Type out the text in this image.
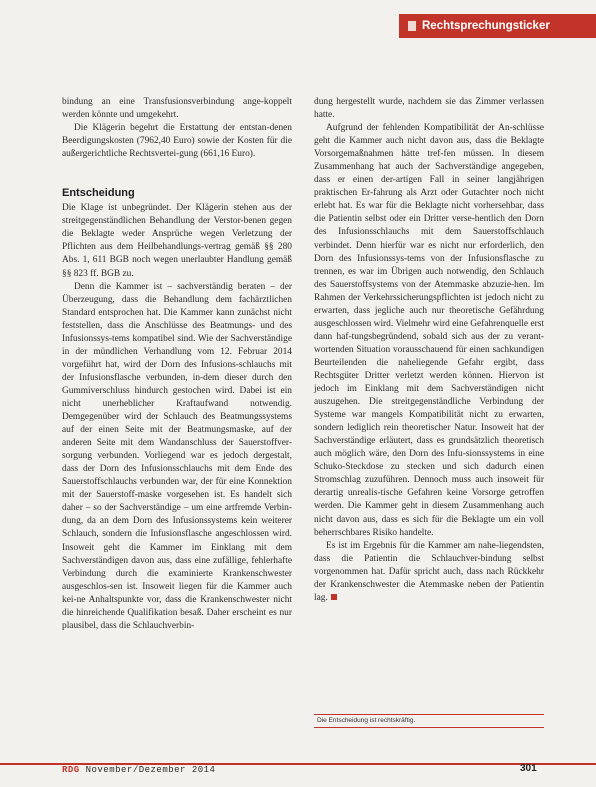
Rechtsprechungsticker

bindung an eine Transfusionsverbindung ange-koppelt werden könnte und umgekehrt.

Die Klägerin begehrt die Erstattung der entstan-denen Beerdigungskosten (7962,40 Euro) sowie der Kosten für die außergerichtliche Rechtsvertei-gung (661,16 Euro).

Entscheidung

Die Klage ist unbegründet. Der Klägerin stehen aus der streitgegenständlichen Behandlung der Verstor-benen gegen die Beklagte weder Ansprüche wegen Verletzung der Pflichten aus dem Heilbehandlungs-vertrag gemäß §§ 280 Abs. 1, 611 BGB noch wegen unerlaubter Handlung gemäß §§ 823 ff. BGB zu.

Denn die Kammer ist – sachverständig beraten – der Überzeugung, dass die Behandlung dem fachärztlichen Standard entsprochen hat. Die Kammer kann zunächst nicht feststellen, dass die Anschlüsse des Beatmungs- und des Infusionssys-tems kompatibel sind. Wie der Sachverständige in der mündlichen Verhandlung vom 12. Februar 2014 vorgeführt hat, wird der Dorn des Infusions-schlauchs mit der Infusionsflasche verbunden, in-dem dieser durch den Gummiverschluss hindurch gestochen wird. Dabei ist ein nicht unerheblicher Kraftaufwand notwendig. Demgegenüber wird der Schlauch des Beatmungssystems auf der einen Seite mit der Beatmungsmaske, auf der anderen Seite mit dem Wandanschluss der Sauerstoffver-sorgung verbunden. Vorliegend war es jedoch dergestalt, dass der Dorn des Infusionsschlauchs mit dem Ende des Sauerstoffschlauchs verbunden war, der für eine Konnektion mit der Sauerstoff-maske vorgesehen ist. Es handelt sich daher – so der Sachverständige – um eine artfremde Verbin-dung, da an dem Dorn des Infusionssystems kein weiterer Schlauch, sondern die Infusionsflasche angeschlossen wird. Insoweit geht die Kammer im Einklang mit dem Sachverständigen davon aus, dass eine zufällige, fehlerhafte Verbindung durch die examinierte Krankenschwester ausgeschlos-sen ist. Insoweit liegen für die Kammer auch kei-ne Anhaltspunkte vor, dass die Krankenschwester nicht die hinreichende Qualifikation besaß. Daher erscheint es nur plausibel, dass die Schlauchverbin-

dung hergestellt wurde, nachdem sie das Zimmer verlassen hatte.

Aufgrund der fehlenden Kompatibilität der An-schlüsse geht die Kammer auch nicht davon aus, dass die Beklagte Vorsorgemaßnahmen hätte tref-fen müssen. In diesem Zusammenhang hat auch der Sachverständige angegeben, dass er einen der-artigen Fall in seiner langjährigen praktischen Er-fahrung als Arzt oder Gutachter noch nicht erlebt hat. Es war für die Beklagte nicht vorhersehbar, dass die Patientin selbst oder ein Dritter verse-hentlich den Dorn des Infusionsschlauchs mit dem Sauerstoffschlauch verbindet. Denn hierfür war es nicht nur erforderlich, den Dorn des Infusionssys-tems von der Infusionsflasche zu trennen, es war im Übrigen auch notwendig, den Schlauch des Sauerstoffsystems von der Atemmaske abzuzie-hen. Im Rahmen der Verkehrssicherungspflichten ist jedoch nicht zu erwarten, dass jegliche auch nur theoretische Gefährdung ausgeschlossen wird. Vielmehr wird eine Gefahrenquelle erst dann haf-tungsbegründend, sobald sich aus der zu verant-wortenden Situation vorausschauend für einen sachkundigen Beurteilenden die naheliegende Gefahr ergibt, dass Rechtsgüter Dritter verletzt werden können. Hiervon ist jedoch im Einklang mit dem Sachverständigen nicht auszugehen. Die streitgegenständliche Verbindung der Systeme war mangels Kompatibilität nicht zu erwarten, sondern lediglich rein theoretischer Natur. Insoweit hat der Sachverständige erläutert, dass es grundsätzlich theoretisch auch möglich wäre, den Dorn des Infu-sionssystems in eine Schuko-Steckdose zu stecken und sich dadurch einen Stromschlag zuzuführen. Dennoch muss auch insoweit für derartig unrealis-tische Gefahren keine Vorsorge getroffen werden. Die Kammer geht in diesem Zusammenhang auch nicht davon aus, dass es sich für die Beklagte um ein voll beherrschbares Risiko handelte.

Es ist im Ergebnis für die Kammer am nahe-liegendsten, dass die Patientin die Schlauchver-bindung selbst vorgenommen hat. Dafür spricht auch, dass nach Rückkehr der Krankenschwester die Atemmaske neben der Patientin lag.

Die Entscheidung ist rechtskräftig.
RDG November/Dezember 2014	301
